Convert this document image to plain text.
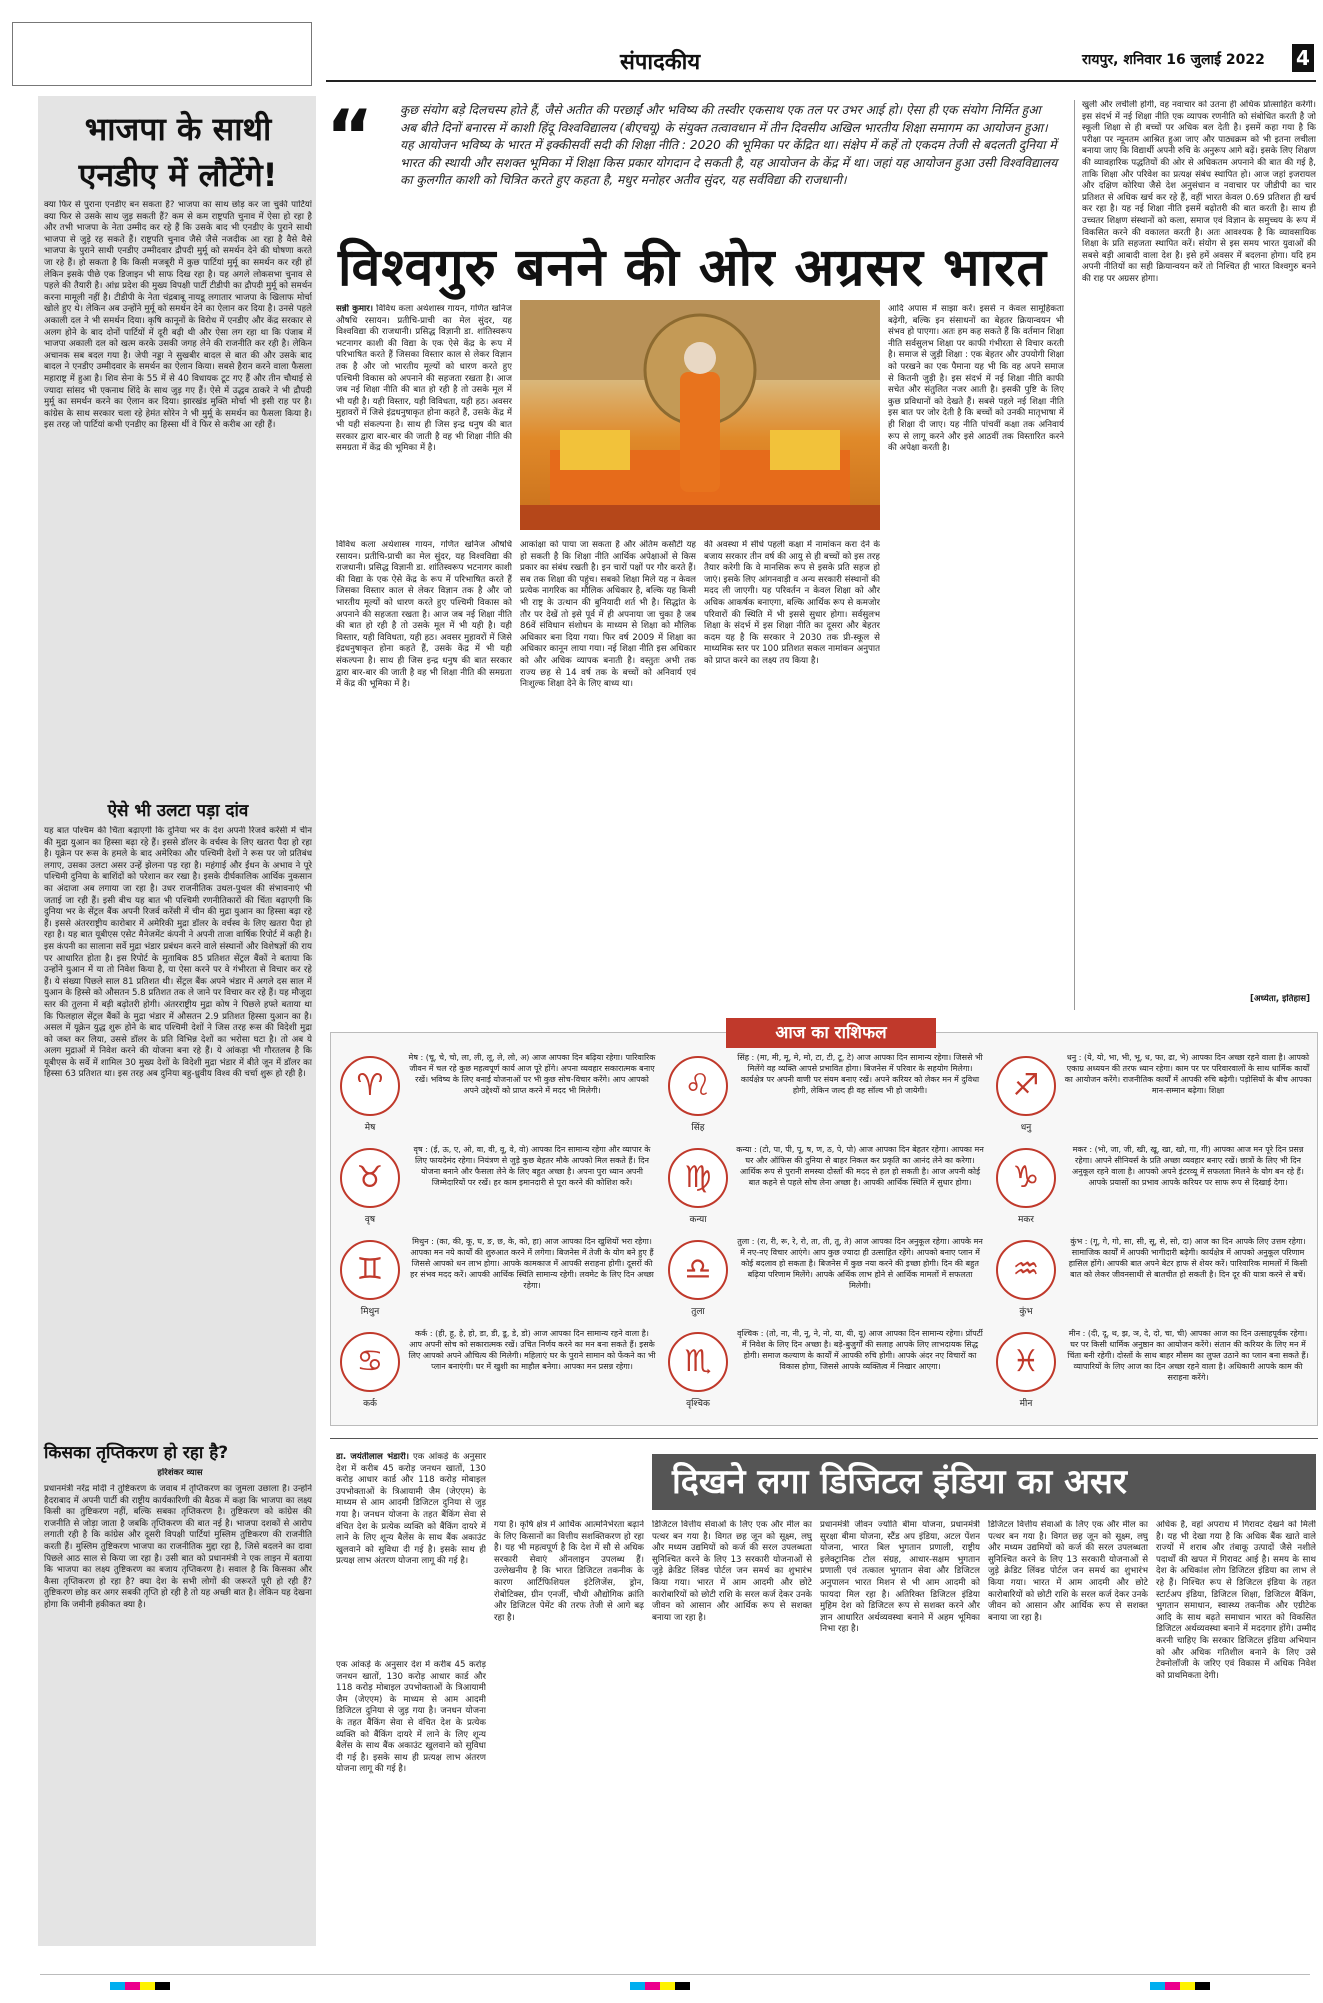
संपादकीय	रायपुर, शनिवार 16 जुलाई 2022 4
भाजपा के साथी एनडीए में लौटेंगे!
क्या फिर से पुराना एनडीए बन सकता है? भाजपा का साथ छोड़ कर जा चुकी पार्टियां क्या फिर से उसके साथ जुड़ सकती हैं? कम से कम राष्ट्रपति चुनाव में ऐसा हो रहा है और तभी भाजपा के नेता उम्मीद कर रहे हैं कि उसके बाद भी एनडीए के पुराने साथी भाजपा से जुड़े रह सकते हैं। राष्ट्रपति चुनाव जैसे जैसे नजदीक आ रहा है वैसे वैसे भाजपा के पुराने साथी एनडीए उम्मीदवार द्रौपदी मुर्मू को समर्थन देने की घोषणा करते जा रहे हैं। हो सकता है कि किसी मजबूरी में कुछ पार्टियां मुर्मू का समर्थन कर रही हों लेकिन इसके पीछे एक डिजाइन भी साफ दिख रहा है। यह अगले लोकसभा चुनाव से पहले की तैयारी है। आंध्र प्रदेश की मुख्य विपक्षी पार्टी टीडीपी का द्रौपदी मुर्मू को समर्थन करना मामूली नहीं है। टीडीपी के नेता चंद्रबाबू नायडू लगातार भाजपा के खिलाफ मोर्चा खोले हुए थे। लेकिन अब उन्होंने मुर्मू को समर्थन देने का ऐलान कर दिया है। उनसे पहले अकाली दल ने भी समर्थन दिया। कृषि कानूनों के विरोध में एनडीए और केंद्र सरकार से अलग होने के बाद दोनों पार्टियों में दूरी बढ़ी थी और ऐसा लग रहा था कि पंजाब में भाजपा अकाली दल को खत्म करके उसकी जगह लेने की राजनीति कर रही है। लेकिन अचानक सब बदल गया है। जेपी नड्डा ने सुखबीर बादल से बात की और उसके बाद बादल ने एनडीए उम्मीदवार के समर्थन का ऐलान किया। सबसे हैरान करने वाला फैसला महाराष्ट्र में हुआ है। शिव सेना के 55 में से 40 विधायक टूट गए हैं और तीन चौथाई से ज्यादा सांसद भी एकनाथ शिंदे के साथ जुड़ गए हैं। ऐसे में उद्धव ठाकरे ने भी द्रौपदी मुर्मू का समर्थन करने का ऐलान कर दिया। झारखंड मुक्ति मोर्चा भी इसी राह पर है। कांग्रेस के साथ सरकार चला रहे हेमंत सोरेन ने भी मुर्मू के समर्थन का फैसला किया है। इस तरह जो पार्टियां कभी एनडीए का हिस्सा थीं वे फिर से करीब आ रही हैं।
ऐसे भी उलटा पड़ा दांव
यह बात पश्चिम की चिंता बढ़ाएगी कि दुनिया भर के देश अपनी रिजर्व करेंसी में चीन की मुद्रा युआन का हिस्सा बढ़ा रहे हैं। इससे डॉलर के वर्चस्व के लिए खतरा पैदा हो रहा है। यूक्रेन पर रूस के हमले के बाद अमेरिका और पश्चिमी देशों ने रूस पर जो प्रतिबंध लगाए, उसका उलटा असर उन्हें झेलना पड़ रहा है। महंगाई और ईंधन के अभाव ने पूरे पश्चिमी दुनिया के बाशिंदों को परेशान कर रखा है। इसके दीर्घकालिक आर्थिक नुकसान का अंदाजा अब लगाया जा रहा है। उधर राजनीतिक उथल-पुथल की संभावनाएं भी जताई जा रही हैं। इसी बीच यह बात भी पश्चिमी रणनीतिकारों की चिंता बढ़ाएगी कि दुनिया भर के सेंट्रल बैंक अपनी रिजर्व करेंसी में चीन की मुद्रा युआन का हिस्सा बढ़ा रहे हैं। इससे अंतरराष्ट्रीय कारोबार में अमेरिकी मुद्रा डॉलर के वर्चस्व के लिए खतरा पैदा हो रहा है। यह बात यूबीएस एसेट मैनेजमेंट कंपनी ने अपनी ताजा वार्षिक रिपोर्ट में कही है। इस कंपनी का सालाना सर्वे मुद्रा भंडार प्रबंधन करने वाले संस्थानों और विशेषज्ञों की राय पर आधारित होता है। इस रिपोर्ट के मुताबिक 85 प्रतिशत सेंट्रल बैंकों ने बताया कि उन्होंने युआन में या तो निवेश किया है, या ऐसा करने पर वे गंभीरता से विचार कर रहे हैं। ये संख्या पिछले साल 81 प्रतिशत थी। सेंट्रल बैंक अपने भंडार में अगले दस साल में युआन के हिस्से को औसतन 5.8 प्रतिशत तक ले जाने पर विचार कर रहे हैं। यह मौजूदा स्तर की तुलना में बड़ी बढ़ोतरी होगी। अंतरराष्ट्रीय मुद्रा कोष ने पिछले हफ्ते बताया था कि फिलहाल सेंट्रल बैंकों के मुद्रा भंडार में औसतन 2.9 प्रतिशत हिस्सा युआन का है। असल में यूक्रेन युद्ध शुरू होने के बाद पश्चिमी देशों ने जिस तरह रूस की विदेशी मुद्रा को जब्त कर लिया, उससे डॉलर के प्रति विभिन्न देशों का भरोसा घटा है। तो अब ये अलग मुद्राओं में निवेश करने की योजना बना रहे हैं। ये आंकड़ा भी गौरतलब है कि यूबीएस के सर्वे में शामिल 30 मुख्य देशों के विदेशी मुद्रा भंडार में बीते जून में डॉलर का हिस्सा 63 प्रतिशत था। इस तरह अब दुनिया बहु-ध्रुवीय विश्व की चर्चा शुरू हो रही है।
किसका तृप्तिकरण हो रहा है?
हरिशंकर व्यास
प्रधानमंत्री नरेंद्र मोदी ने तुष्टिकरण के जवाब में तृप्तिकरण का जुमला उछाला है। उन्होंने हैदराबाद में अपनी पार्टी की राष्ट्रीय कार्यकारिणी की बैठक में कहा कि भाजपा का लक्ष्य किसी का तुष्टिकरण नहीं, बल्कि सबका तृप्तिकरण है। तुष्टिकरण को कांग्रेस की राजनीति से जोड़ा जाता है जबकि तृप्तिकरण की बात नई है। भाजपा दशकों से आरोप लगाती रही है कि कांग्रेस और दूसरी विपक्षी पार्टियां मुस्लिम तुष्टिकरण की राजनीति करती हैं। मुस्लिम तुष्टिकरण भाजपा का राजनीतिक मुद्दा रहा है, जिसे बदलने का दावा पिछले आठ साल से किया जा रहा है। उसी बात को प्रधानमंत्री ने एक लाइन में बताया कि भाजपा का लक्ष्य तुष्टिकरण का बजाय तृप्तिकरण है। सवाल है कि किसका और कैसा तृप्तिकरण हो रहा है? क्या देश के सभी लोगों की जरूरतें पूरी हो रही हैं? तुष्टिकरण छोड़ कर अगर सबकी तृप्ति हो रही है तो यह अच्छी बात है। लेकिन यह देखना होगा कि जमीनी हकीकत क्या है।
“ कुछ संयोग बड़े दिलचस्प होते हैं, जैसे अतीत की परछाईं और भविष्य की तस्वीर एकसाथ एक तल पर उभर आई हो। ऐसा ही एक संयोग निर्मित हुआ अब बीते दिनों बनारस में काशी हिंदू विश्वविद्यालय (बीएचयू) के संयुक्त तत्वावधान में तीन दिवसीय अखिल भारतीय शिक्षा समागम का आयोजन हुआ। यह आयोजन भविष्य के भारत में इक्कीसवीं सदी की शिक्षा नीति : 2020 की भूमिका पर केंद्रित था। संक्षेप में कहें तो एकदम तेजी से बदलती दुनिया में भारत की स्थायी और सशक्त भूमिका में शिक्षा किस प्रकार योगदान दे सकती है, यह आयोजन के केंद्र में था। जहां यह आयोजन हुआ उसी विश्वविद्यालय का कुलगीत काशी को चित्रित करते हुए कहता है, मधुर मनोहर अतीव सुंदर, यह सर्वविद्या की राजधानी।
विश्वगुरु बनने की ओर अग्रसर भारत
सन्नी कुमार। विविध कला अर्थशास्त्र गायन, गणित खनिज औषधि रसायन। प्रतीचि-प्राची का मेल सुंदर, यह विश्वविद्या की राजधानी। प्रसिद्ध विज्ञानी डा. शांतिस्वरूप भटनागर काशी की विद्या के एक ऐसे केंद्र के रूप में परिभाषित करते हैं जिसका विस्तार काल से लेकर विज्ञान तक है और जो भारतीय मूल्यों को धारण करते हुए पश्चिमी विकास को अपनाने की सहजता रखता है। आज जब नई शिक्षा नीति की बात हो रही है तो उसके मूल में भी यही है। यही विस्तार, यही विविधता, यही हठ। अवसर मुहावरों में जिसे इंद्रधनुषाकृत होना कहते हैं, उसके केंद्र में भी यही संकल्पना है। साथ ही जिस इन्द्र धनुष की बात सरकार द्वारा बार-बार की जाती है वह भी शिक्षा नीति की समग्रता में केंद्र की भूमिका में है।
विविध कला अर्थशास्त्र गायन, गणित खनिज औषधि रसायन। प्रतीचि-प्राची का मेल सुंदर, यह विश्वविद्या की राजधानी। प्रसिद्ध विज्ञानी डा. शांतिस्वरूप भटनागर काशी की विद्या के एक ऐसे केंद्र के रूप में परिभाषित करते हैं जिसका विस्तार काल से लेकर विज्ञान तक है और जो भारतीय मूल्यों को धारण करते हुए पश्चिमी विकास को अपनाने की सहजता रखता है। आज जब नई शिक्षा नीति की बात हो रही है तो उसके मूल में भी यही है। यही विस्तार, यही विविधता, यही हठ। अवसर मुहावरों में जिसे इंद्रधनुषाकृत होना कहते हैं, उसके केंद्र में भी यही संकल्पना है। साथ ही जिस इन्द्र धनुष की बात सरकार द्वारा बार-बार की जाती है वह भी शिक्षा नीति की समग्रता में केंद्र की भूमिका में है।
आकांक्षा को पाया जा सकता है और अंतिम कसौटी यह हो सकती है कि शिक्षा नीति आर्थिक अपेक्षाओं से किस प्रकार का संबंध रखती है। इन चारों पक्षों पर गौर करते हैं। सब तक शिक्षा की पहुंच। सबको शिक्षा मिले यह न केवल प्रत्येक नागरिक का मौलिक अधिकार है, बल्कि यह किसी भी राष्ट्र के उत्थान की बुनियादी शर्त भी है। सिद्धांत के तौर पर देखें तो इसे पूर्व में ही अपनाया जा चुका है जब 86वें संविधान संशोधन के माध्यम से शिक्षा को मौलिक अधिकार बना दिया गया। फिर वर्ष 2009 में शिक्षा का अधिकार कानून लाया गया। नई शिक्षा नीति इस अधिकार को और अधिक व्यापक बनाती है। वस्तुतः अभी तक राज्य छह से 14 वर्ष तक के बच्चों को अनिवार्य एवं निःशुल्क शिक्षा देने के लिए बाध्य था।
की अवस्था में सीधे पहली कक्षा में नामांकन करा देने के बजाय सरकार तीन वर्ष की आयु से ही बच्चों को इस तरह तैयार करेगी कि वे मानसिक रूप से इसके प्रति सहज हो जाएं। इसके लिए आंगनवाड़ी व अन्य सरकारी संस्थानों की मदद ली जाएगी। यह परिवर्तन न केवल शिक्षा को और अधिक आकर्षक बनाएगा, बल्कि आर्थिक रूप से कमजोर परिवारों की स्थिति में भी इससे सुधार होगा। सर्वसुलभ शिक्षा के संदर्भ में इस शिक्षा नीति का दूसरा और बेहतर कदम यह है कि सरकार ने 2030 तक प्री-स्कूल से माध्यमिक स्तर पर 100 प्रतिशत सकल नामांकन अनुपात को प्राप्त करने का लक्ष्य तय किया है।
आदि अपास में साझा करें। इससे न केवल सामूहिकता बढ़ेगी, बल्कि इन संसाधनों का बेहतर क्रियान्वयन भी संभव हो पाएगा। अतः हम कह सकते हैं कि वर्तमान शिक्षा नीति सर्वसुलभ शिक्षा पर काफी गंभीरता से विचार करती है। समाज से जुड़ी शिक्षा : एक बेहतर और उपयोगी शिक्षा को परखने का एक पैमाना यह भी कि वह अपने समाज से कितनी जुड़ी है। इस संदर्भ में नई शिक्षा नीति काफी सचेत और संतुलित नजर आती है। इसकी पुष्टि के लिए कुछ प्रविधानों को देखते हैं। सबसे पहले नई शिक्षा नीति इस बात पर जोर देती है कि बच्चों को उनकी मातृभाषा में ही शिक्षा दी जाए। यह नीति पांचवीं कक्षा तक अनिवार्य रूप से लागू करने और इसे आठवीं तक विस्तारित करने की अपेक्षा करती है।
खुली और लचीली होगी, वह नवाचार को उतना ही अधिक प्रोत्साहित करेगी। इस संदर्भ में नई शिक्षा नीति एक व्यापक रणनीति को संबोधित करती है जो स्कूली शिक्षा से ही बच्चों पर अधिक बल देती है। इसमें कहा गया है कि परीक्षा पर न्यूनतम आश्रित हुआ जाए और पाठ्यक्रम को भी इतना लचीला बनाया जाए कि विद्यार्थी अपनी रुचि के अनुरूप आगे बढ़ें। इसके लिए शिक्षण की व्यावहारिक पद्धतियों की ओर से अधिकतम अपनाने की बात की गई है, ताकि शिक्षा और परिवेश का प्रत्यक्ष संबंध स्थापित हो। आज जहां इजरायल और दक्षिण कोरिया जैसे देश अनुसंधान व नवाचार पर जीडीपी का चार प्रतिशत से अधिक खर्च कर रहे हैं, वहीं भारत केवल 0.69 प्रतिशत ही खर्च कर रहा है। यह नई शिक्षा नीति इसमें बढ़ोतरी की बात करती है। साथ ही उच्चतर शिक्षण संस्थानों को कला, समाज एवं विज्ञान के समुच्चय के रूप में विकसित करने की वकालत करती है। अतः आवश्यक है कि व्यावसायिक शिक्षा के प्रति सहजता स्थापित करें। संयोग से इस समय भारत युवाओं की सबसे बड़ी आबादी वाला देश है। इसे हमें अवसर में बदलना होगा। यदि हम अपनी नीतियों का सही क्रियान्वयन करें तो निश्चित ही भारत विश्वगुरु बनने की राह पर अग्रसर होगा।
[अध्येता, इतिहास]
आज का राशिफल
♈
मेष
मेष : (चू, चे, चो, ला, ली, लू, ले, लो, अ) आज आपका दिन बढ़िया रहेगा। पारिवारिक जीवन में चल रहे कुछ महत्वपूर्ण कार्य आज पूरे होंगे। अपना व्यवहार सकारात्मक बनाए रखें। भविष्य के लिए बनाई योजनाओं पर भी कुछ सोच-विचार करेंगे। आप आपको अपने उद्देश्यों को प्राप्त करने में मदद भी मिलेगी।	♌
सिंह
सिंह : (मा, मी, मू, मे, मो, टा, टी, टू, टे) आज आपका दिन सामान्य रहेगा। जिससे भी मिलेंगे वह व्यक्ति आपसे प्रभावित होगा। बिजनेस में परिवार के सहयोग मिलेगा। कार्यक्षेत्र पर अपनी वाणी पर संयम बनाए रखें। अपने करियर को लेकर मन में दुविधा होगी, लेकिन जल्द ही वह सॉल्व भी हो जायेगी।	♐
धनु
धनु : (ये, यो, भा, भी, भू, ध, फा, ढा, भे) आपका दिन अच्छा रहने वाला है। आपको एकाग्र अध्ययन की तरफ ध्यान रहेगा। काम पर पर परिवारवालों के साथ धार्मिक कार्यों का आयोजन करेंगे। राजनीतिक कार्यों में आपकी रुचि बढ़ेगी। पड़ोसियों के बीच आपका मान-सम्मान बढ़ेगा। शिक्षा
♉
वृष
वृष : (ई, ऊ, ए, ओ, वा, वी, वू, वे, वो) आपका दिन सामान्य रहेगा और व्यापार के लिए फायदेमंद रहेगा। नियंत्रण से जुड़े कुछ बेहतर मौके आपको मिल सकते हैं। दिन योजना बनाने और फैसला लेने के लिए बहुत अच्छा है। अपना पुरा ध्यान अपनी जिम्मेदारियों पर रखें। हर काम इमानदारी से पूरा करने की कोशिश करें।	♍
कन्या
कन्या : (टो, पा, पी, पू, ष, ण, ठ, पे, पो) आज आपका दिन बेहतर रहेगा। आपका मन घर और ऑफिस की दुनिया से बाहर निकल कर प्रकृति का आनंद लेने का करेगा। आर्थिक रूप से पुरानी समस्या दोस्तों की मदद से हल हो सकती है। आज अपनी कोई बात कहने से पहले सोच लेना अच्छा है। आपकी आर्थिक स्थिति में सुधार होगा।	♑
मकर
मकर : (भो, जा, जी, खी, खू, खा, खो, गा, गी) आपका आज मन पूरे दिन प्रसन्न रहेगा। आपने सीनियर्स के प्रति अच्छा व्यवहार बनाए रखें। छात्रों के लिए भी दिन अनुकूल रहने वाला है। आपको अपने इंटरव्यू में सफलता मिलने के योग बन रहे हैं। आपके प्रयासों का प्रभाव आपके करियर पर साफ रूप से दिखाई देगा।
♊
मिथुन
मिथुन : (का, की, कू, घ, ङ, छ, के, को, हा) आज आपका दिन खुशियों भरा रहेगा। आपका मन नये कार्यों की शुरुआत करने में लगेगा। बिजनेस में तेजी के योग बने हुए हैं जिससे आपको धन लाभ होगा। आपके कामकाज में आपकी सराहना होगी। दूसरों की हर संभव मदद करें। आपकी आर्थिक स्थिति सामान्य रहेगी। लवमेट के लिए दिन अच्छा रहेगा।	♎
तुला
तुला : (रा, री, रू, रे, रो, ता, ती, तू, ते) आज आपका दिन अनुकूल रहेगा। आपके मन में नए-नए विचार आएंगे। आप कुछ ज्यादा ही उत्साहित रहेंगे। आपको बनाए प्लान में कोई बदलाव हो सकता है। बिजनेस में कुछ नया करने की इच्छा होगी। दिन की बहुत बढ़िया परिणाम मिलेंगे। आपके अर्थिक लाभ होने से आर्थिक मामलों में सफलता मिलेगी।	♒
कुंभ
कुंभ : (गू, गे, गो, सा, सी, सू, से, सो, दा) आज का दिन आपके लिए उत्तम रहेगा। सामाजिक कार्यों में आपकी भागीदारी बढ़ेगी। कार्यक्षेत्र में आपको अनुकूल परिणाम हासिल होंगे। आपकी बात अपने बेटर हाफ से शेयर करें। पारिवारिक मामलों में किसी बात को लेकर जीवनसाथी से बातचीत हो सकती है। दिन दूर की यात्रा करने से बचें।
♋
कर्क
कर्क : (ही, हू, हे, हो, डा, डी, डू, डे, डो) आज आपका दिन सामान्य रहने वाला है। आप अपनी सोच को सकारात्मक रखें। उचित निर्णय करने का मन बना सकते हैं। इसके लिए आपको अपने औचित्य की मिलेगी। महिलाएं घर के पुराने सामान को फेंकने का भी प्लान बनाएंगी। घर में खुशी का माहौल बनेगा। आपका मन प्रसन्न रहेगा।	♏
वृश्चिक
वृश्चिक : (तो, ना, नी, नू, ने, नो, या, यी, यू) आज आपका दिन सामान्य रहेगा। प्रॉपर्टी में निवेश के लिए दिन अच्छा है। बड़े-बुजुर्गों की सलाह आपके लिए लाभदायक सिद्ध होगी। समाज कल्याण के कार्यों में आपकी रुचि होगी। आपके अंदर नए विचारों का विकास होगा, जिससे आपके व्यक्तित्व में निखार आएगा।	♓
मीन
मीन : (दी, दू, थ, झ, ञ, दे, दो, चा, ची) आपका आज का दिन उत्साहपूर्वक रहेगा। घर पर किसी धार्मिक अनुष्ठान का आयोजन करेंगे। संतान की करियर के लिए मन में चिंता बनी रहेगी। दोस्तों के साथ बाहर मौसम का लुफ्त उठाने का प्लान बना सकते हैं। व्यापारियों के लिए आज का दिन अच्छा रहने वाला है। अधिकारी आपके काम की सराहना करेंगे।
डा. जयंतीलाल भंडारी। एक आंकड़े के अनुसार देश में करीब 45 करोड़ जनधन खातों, 130 करोड़ आधार कार्ड और 118 करोड़ मोबाइल उपभोक्ताओं के त्रिआयामी जैम (जेएएम) के माध्यम से आम आदमी डिजिटल दुनिया से जुड़ गया है। जनधन योजना के तहत बैंकिंग सेवा से वंचित देश के प्रत्येक व्यक्ति को बैंकिंग दायरे में लाने के लिए शून्य बैलेंस के साथ बैंक अकाउंट खुलवाने को सुविधा दी गई है। इसके साथ ही प्रत्यक्ष लाभ अंतरण योजना लागू की गई है।
दिखने लगा डिजिटल इंडिया का असर
एक आंकड़े के अनुसार देश में करीब 45 करोड़ जनधन खातों, 130 करोड़ आधार कार्ड और 118 करोड़ मोबाइल उपभोक्ताओं के त्रिआयामी जैम (जेएएम) के माध्यम से आम आदमी डिजिटल दुनिया से जुड़ गया है। जनधन योजना के तहत बैंकिंग सेवा से वंचित देश के प्रत्येक व्यक्ति को बैंकिंग दायरे में लाने के लिए शून्य बैलेंस के साथ बैंक अकाउंट खुलवाने को सुविधा दी गई है। इसके साथ ही प्रत्यक्ष लाभ अंतरण योजना लागू की गई है।
गया है। कृषि क्षेत्र में आर्थिक आत्मनिर्भरता बढ़ाने के लिए किसानों का वित्तीय सशक्तिकरण हो रहा है। यह भी महत्वपूर्ण है कि देश में सौ से अधिक सरकारी सेवाएं ऑनलाइन उपलब्ध हैं। उल्लेखनीय है कि भारत डिजिटल तकनीक के कारण आर्टिफिशियल इंटेलिजेंस, ड्रोन, रोबोटिक्स, ग्रीन एनर्जी, चौथी औद्योगिक क्रांति और डिजिटल पेमेंट की तरफ तेजी से आगे बढ़ रहा है।
डिजिटल वित्तीय सेवाओं के लिए एक और मील का पत्थर बन गया है। विगत छह जून को सूक्ष्म, लघु और मध्यम उद्यमियों को कर्ज की सरल उपलब्धता सुनिश्चित करने के लिए 13 सरकारी योजनाओं से जुड़े क्रेडिट लिंक्ड पोर्टल जन समर्थ का शुभारंभ किया गया। भारत में आम आदमी और छोटे कारोबारियों को छोटी राशि के सरल कर्ज देकर उनके जीवन को आसान और आर्थिक रूप से सशक्त बनाया जा रहा है।
प्रधानमंत्री जीवन ज्योति बीमा योजना, प्रधानमंत्री सुरक्षा बीमा योजना, स्टैंड अप इंडिया, अटल पेंशन योजना, भारत बिल भुगतान प्रणाली, राष्ट्रीय इलेक्ट्रानिक टोल संग्रह, आधार-सक्षम भुगतान प्रणाली एवं तत्काल भुगतान सेवा और डिजिटल अनुपालन भारत मिशन से भी आम आदमी को फायदा मिल रहा है। अतिरिक्त डिजिटल इंडिया मुहिम देश को डिजिटल रूप से सशक्त करने और ज्ञान आधारित अर्थव्यवस्था बनाने में अहम भूमिका निभा रहा है।
डिजिटल वित्तीय सेवाओं के लिए एक और मील का पत्थर बन गया है। विगत छह जून को सूक्ष्म, लघु और मध्यम उद्यमियों को कर्ज की सरल उपलब्धता सुनिश्चित करने के लिए 13 सरकारी योजनाओं से जुड़े क्रेडिट लिंक्ड पोर्टल जन समर्थ का शुभारंभ किया गया। भारत में आम आदमी और छोटे कारोबारियों को छोटी राशि के सरल कर्ज देकर उनके जीवन को आसान और आर्थिक रूप से सशक्त बनाया जा रहा है।
अधिक है, वहां अपराध में गिरावट देखने को मिली है। यह भी देखा गया है कि अधिक बैंक खाते वाले राज्यों में शराब और तंबाकू उत्पादों जैसे नशीले पदार्थों की खपत में गिरावट आई है। समय के साथ देश के अधिकांश लोग डिजिटल इंडिया का लाभ ले रहे हैं। निश्चित रूप से डिजिटल इंडिया के तहत स्टार्टअप इंडिया, डिजिटल शिक्षा, डिजिटल बैंकिंग, भुगतान समाधान, स्वास्थ्य तकनीक और एग्रीटेक आदि के साथ बढ़ते समाधान भारत को विकसित डिजिटल अर्थव्यवस्था बनाने में मददगार होंगे। उम्मीद करनी चाहिए कि सरकार डिजिटल इंडिया अभियान को और अधिक गतिशील बनाने के लिए उसे टेक्नोलॉजी के जरिए एवं विकास में अधिक निवेश को प्राथमिकता देगी।
